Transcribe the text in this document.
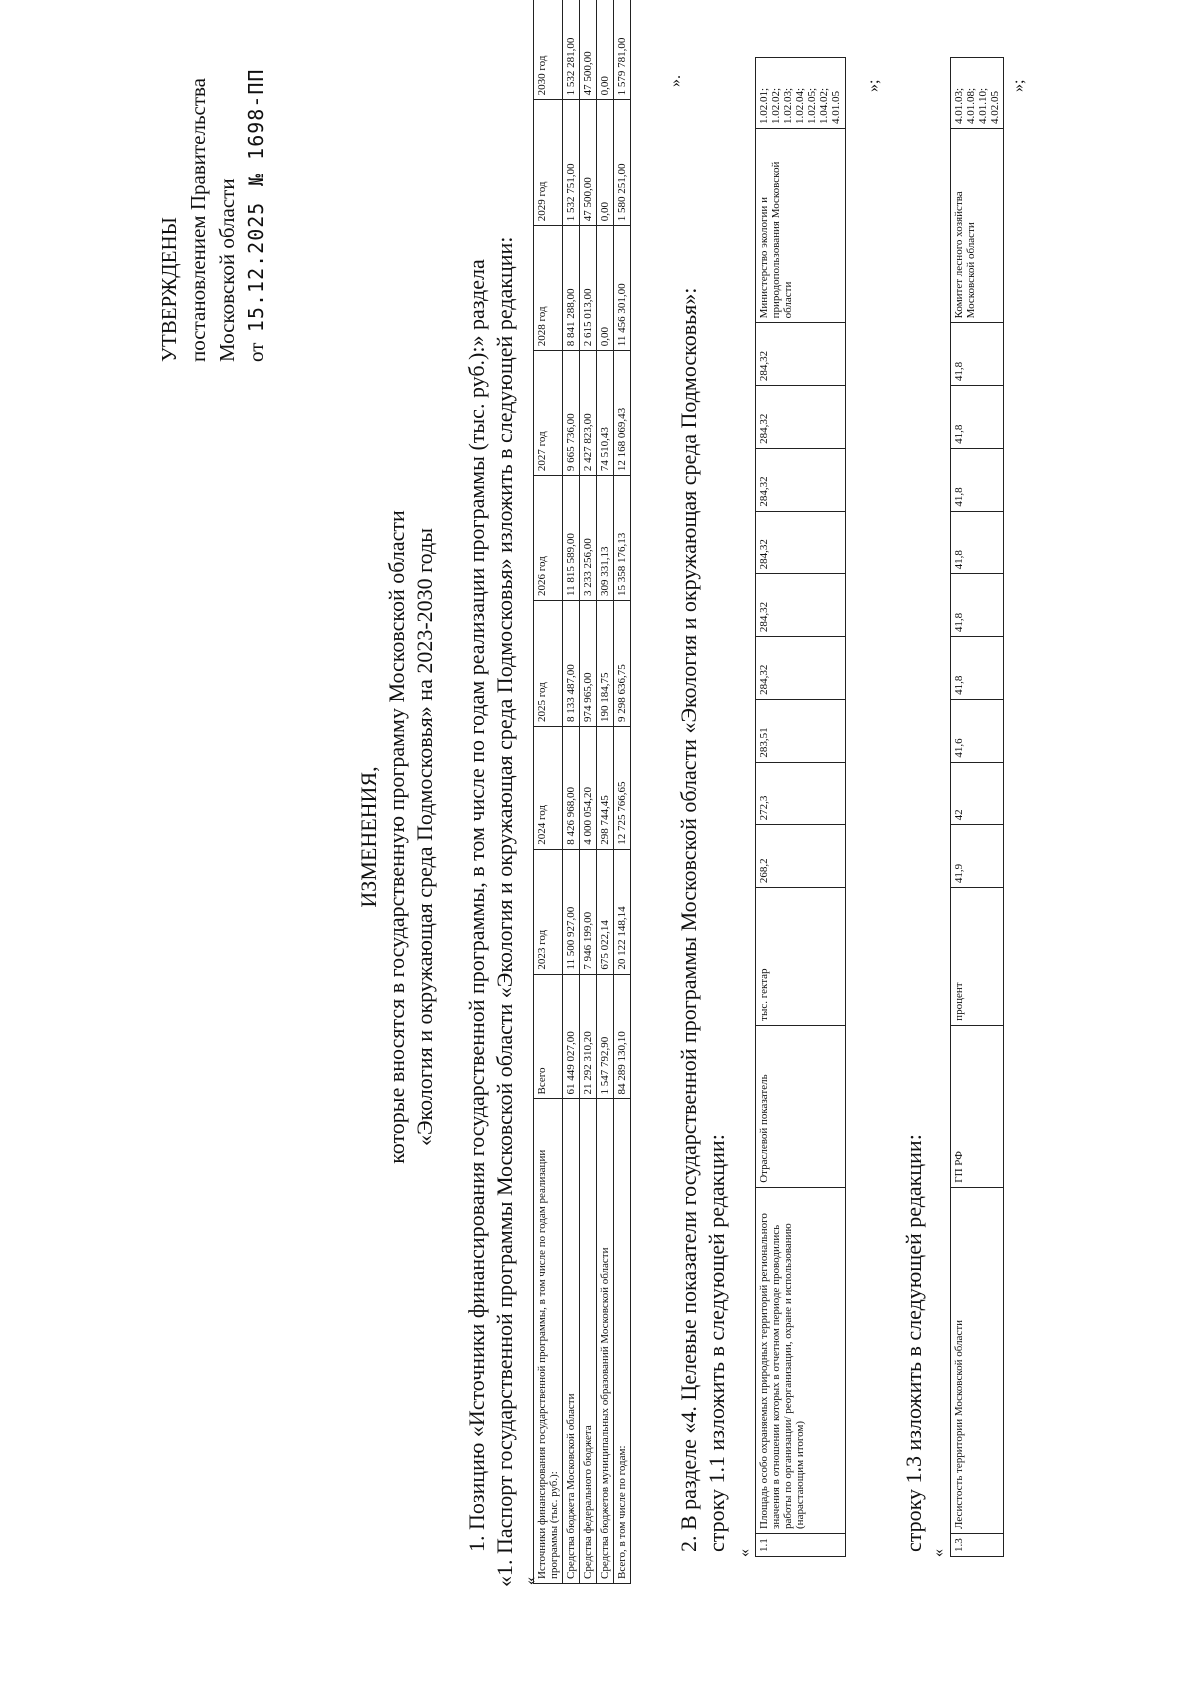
УТВЕРЖДЕНЫ постановлением Правительства Московской области от  15.12.2025   № 1698-ПП
ИЗМЕНЕНИЯ, которые вносятся в государственную программу Московской области «Экология и окружающая среда Подмосковья» на 2023-2030 годы 1. Позицию «Источники финансирования государственной программы, в том числе по годам реализации программы (тыс. руб.):» раздела «1. Паспорт государственной программы Московской области «Экология и окружающая среда Подмосковья» изложить в следующей редакции: «
Источники финансирования государственной программы, в том числе по годам реализации программы (тыс. руб.):	Всего	2023 год	2024 год	2025 год	2026 год	2027 год	2028 год	2029 год	2030 год
Средства бюджета Московской области	61 449 027,00	11 500 927,00	8 426 968,00	8 133 487,00	11 815 589,00	9 665 736,00	8 841 288,00	1 532 751,00	1 532 281,00
Средства федерального бюджета	21 292 310,20	7 946 199,00	4 000 054,20	974 965,00	3 233 256,00	2 427 823,00	2 615 013,00	47 500,00	47 500,00
Средства бюджетов муниципальных образований Московской области	1 547 792,90	675 022,14	298 744,45	190 184,75	309 331,13	74 510,43	0,00	0,00	0,00
Всего, в том числе по годам:	84 289 130,10	20 122 148,14	12 725 766,65	9 298 636,75	15 358 176,13	12 168 069,43	11 456 301,00	1 580 251,00	1 579 781,00 ».
2. В разделе «4. Целевые показатели государственной программы Московской области «Экология и окружающая среда Подмосковья»: строку 1.1 изложить в следующей редакции:
«
1.1	Площадь особо охраняемых природных территорий регионального значения в отношении которых в отчетном периоде проводились работы по организации/ реорганизации, охране и использованию (нарастающим итогом)	Отраслевой показатель	тыс. гектар	268,2	272,3	283,51	284,32	284,32	284,32	284,32	284,32	284,32	Министерство экологии и природопользования Московской области	1.02.01; 1.02.02; 1.02.03; 1.02.04; 1.02.05; 1.04.02; 4.01.05
»;
строку 1.3 изложить в следующей редакции:
«
1.3	Лесистость территории Московской области	ГП РФ	процент	41,9	42	41,6	41,8	41,8	41,8	41,8	41,8	41,8	Комитет лесного хозяйства Московской области	4.01.03; 4.01.08; 4.01.10; 4.02.05
»;
